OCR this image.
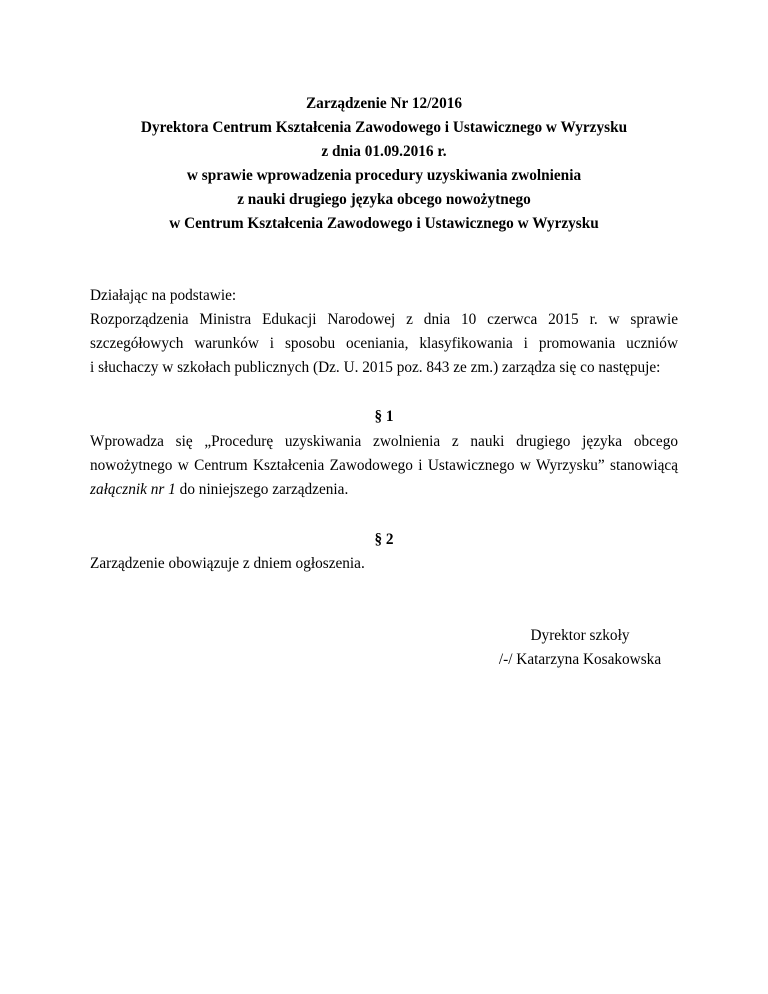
Zarządzenie Nr 12/2016
Dyrektora Centrum Kształcenia Zawodowego i Ustawicznego w Wyrzysku
z dnia 01.09.2016 r.
w sprawie wprowadzenia procedury uzyskiwania zwolnienia
z nauki drugiego języka obcego nowożytnego
w Centrum Kształcenia Zawodowego i Ustawicznego w Wyrzysku
Działając na podstawie:
Rozporządzenia Ministra Edukacji Narodowej z dnia 10 czerwca 2015 r. w sprawie
szczegółowych warunków i sposobu oceniania, klasyfikowania i promowania uczniów
i słuchaczy w szkołach publicznych (Dz. U. 2015 poz. 843 ze zm.) zarządza się co następuje:
§ 1
Wprowadza się „Procedurę uzyskiwania zwolnienia z nauki drugiego języka obcego
nowożytnego w Centrum Kształcenia Zawodowego i Ustawicznego w Wyrzysku” stanowiącą
załącznik nr 1 do niniejszego zarządzenia.
§ 2
Zarządzenie obowiązuje z dniem ogłoszenia.
Dyrektor szkoły
/-/ Katarzyna Kosakowska
